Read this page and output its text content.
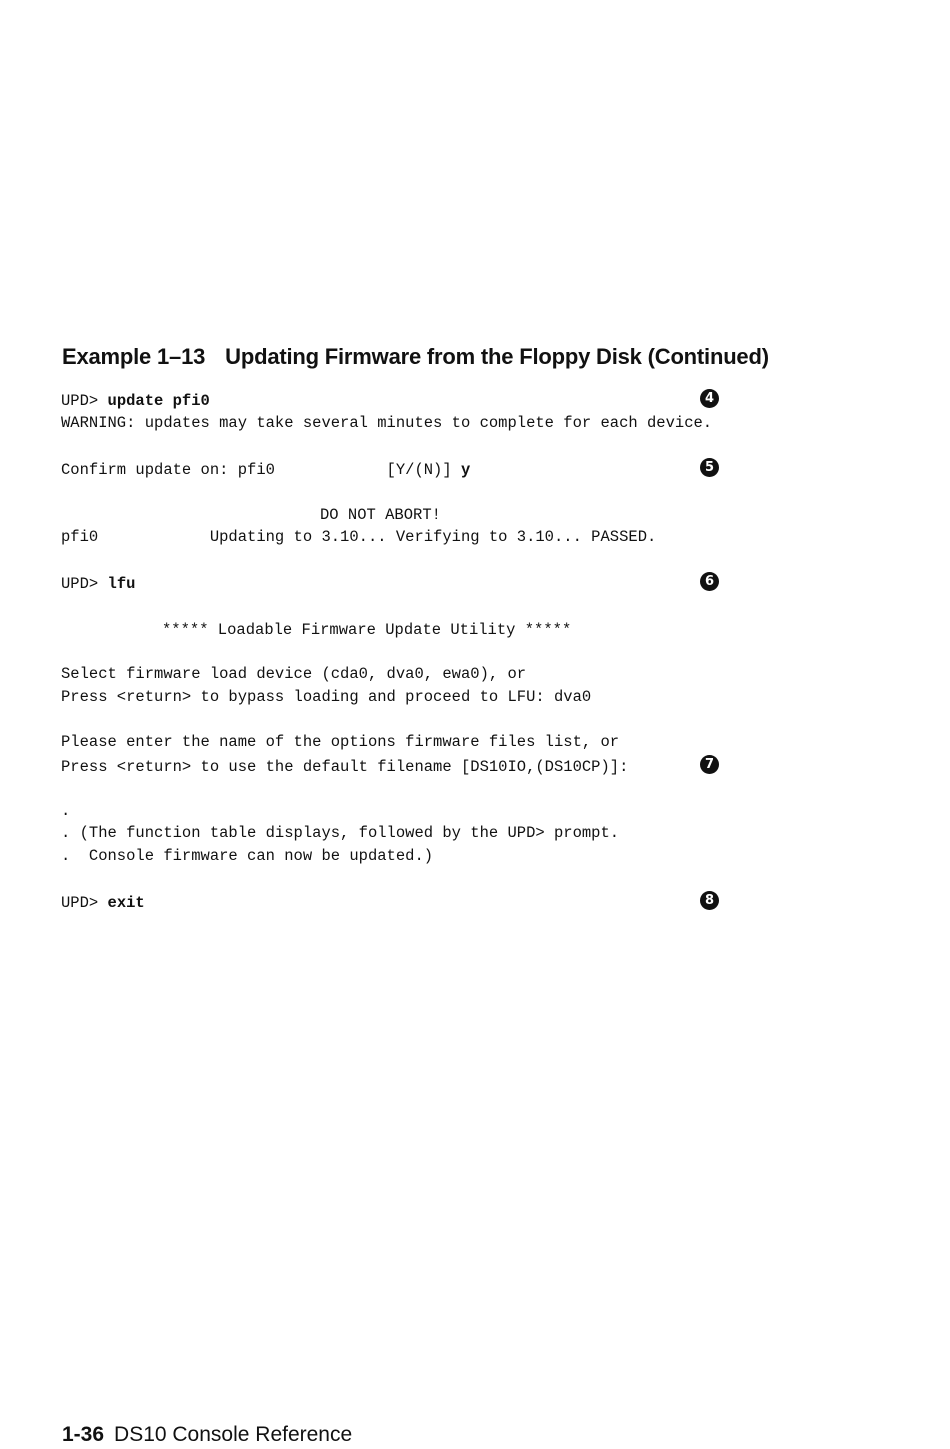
Example 1–13 Updating Firmware from the Floppy Disk (Continued)
UPD> update pfi0	4
WARNING: updates may take several minutes to complete for each device.
Confirm update on: pfi0            [Y/(N)] y	5
DO NOT ABORT!
pfi0            Updating to 3.10... Verifying to 3.10... PASSED.
UPD> lfu	6
***** Loadable Firmware Update Utility *****
Select firmware load device (cda0, dva0, ewa0), or
Press <return> to bypass loading and proceed to LFU: dva0
Please enter the name of the options firmware files list, or
Press <return> to use the default filename [DS10IO,(DS10CP)]:	7
.
. (The function table displays, followed by the UPD> prompt.
.  Console firmware can now be updated.)
UPD> exit	8
1-36 DS10 Console Reference
